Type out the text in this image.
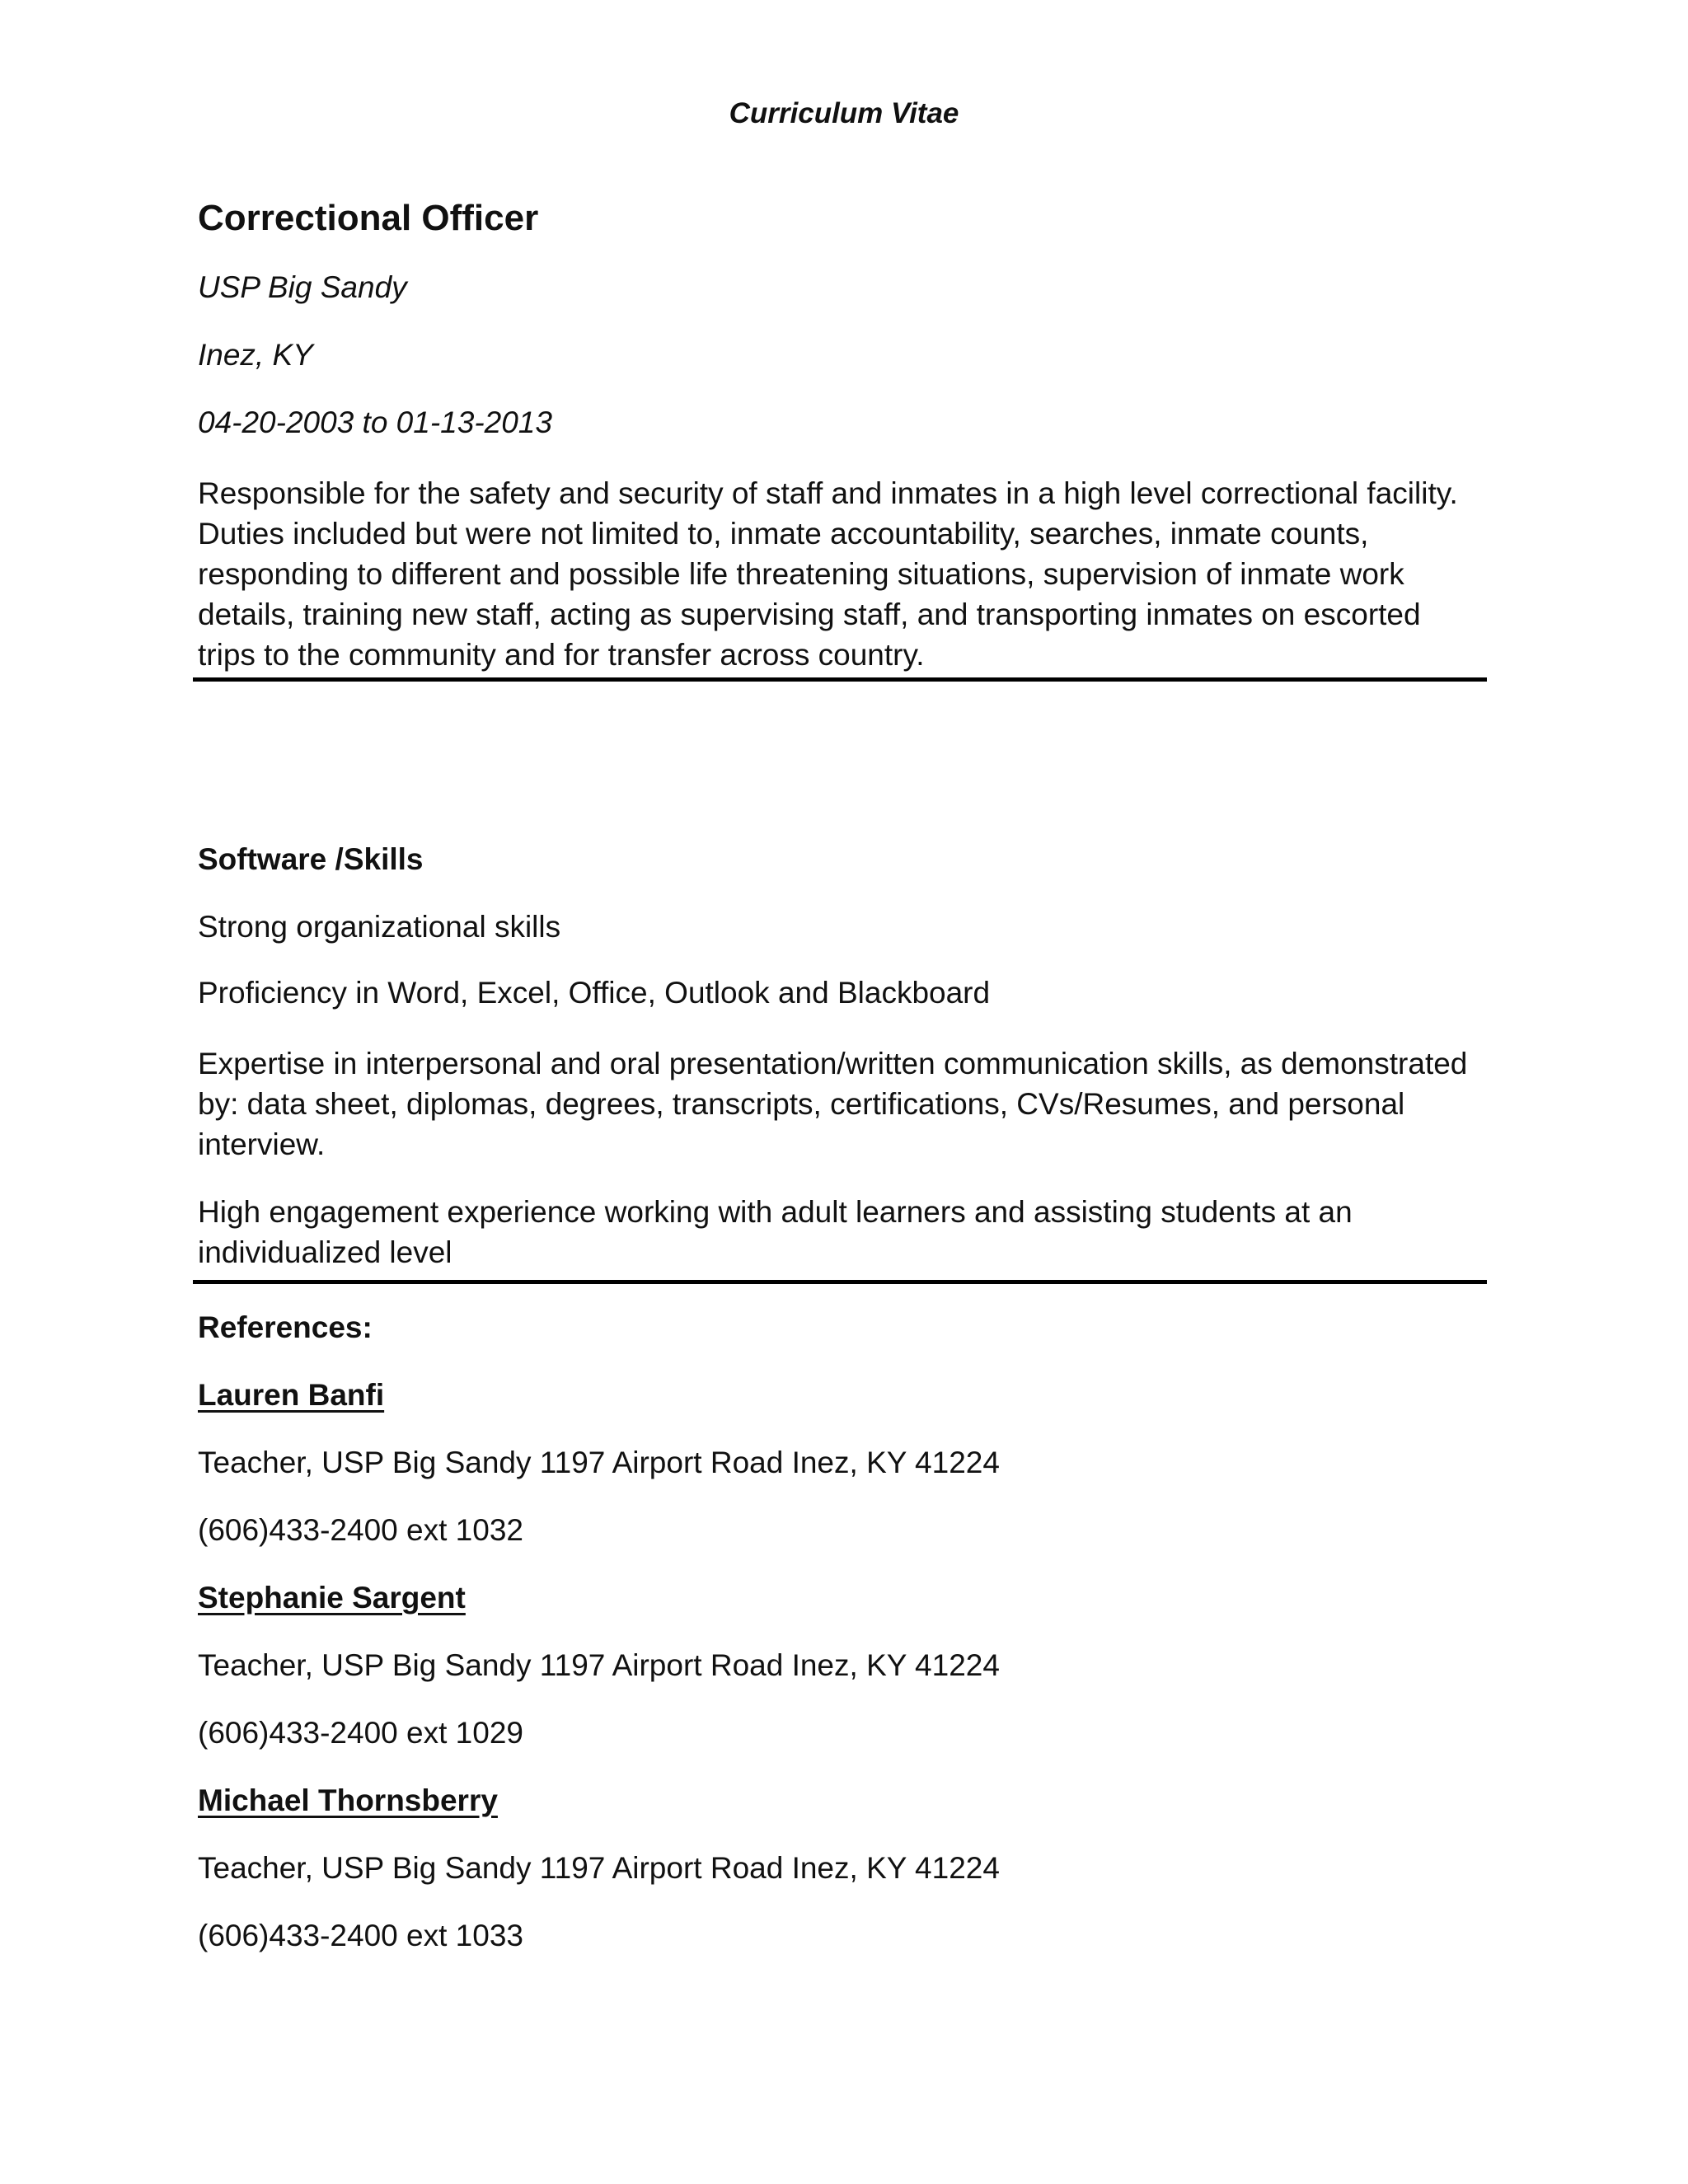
Curriculum Vitae
Correctional Officer
USP Big Sandy
Inez, KY
04-20-2003 to 01-13-2013
Responsible for the safety and security of staff and inmates in a high level correctional facility. Duties included but were not limited to, inmate accountability, searches, inmate counts, responding to different and possible life threatening situations, supervision of inmate work details, training new staff, acting as supervising staff, and transporting inmates on escorted trips to the community and for transfer across country.
Software /Skills
Strong organizational skills
Proficiency in Word, Excel, Office, Outlook and Blackboard
Expertise in interpersonal and oral presentation/written communication skills, as demonstrated by: data sheet, diplomas, degrees, transcripts, certifications, CVs/Resumes, and personal interview.
High engagement experience working with adult learners and assisting students at an individualized level
References:
Lauren Banfi
Teacher, USP Big Sandy 1197 Airport Road Inez, KY 41224
(606)433-2400 ext 1032
Stephanie Sargent
Teacher, USP Big Sandy 1197 Airport Road Inez, KY 41224
(606)433-2400 ext 1029
Michael Thornsberry
Teacher, USP Big Sandy 1197 Airport Road Inez, KY 41224
(606)433-2400 ext 1033
